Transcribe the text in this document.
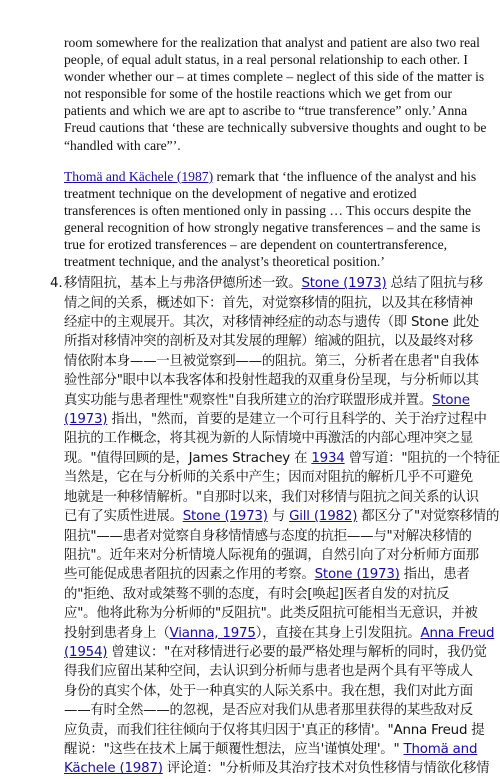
room somewhere for the realization that analyst and patient are also two real
people, of equal adult status, in a real personal relationship to each other. I
wonder whether our – at times complete – neglect of this side of the matter is
not responsible for some of the hostile reactions which we get from our
patients and which we are apt to ascribe to “true transference” only.’ Anna
Freud cautions that ‘these are technically subversive thoughts and ought to be
“handled with care”’.

Thomä and Kächele (1987) remark that ‘the influence of the analyst and his
treatment technique on the development of negative and erotized
transferences is often mentioned only in passing … This occurs despite the
general recognition of how strongly negative transferences – and the same is
true for erotized transferences – are dependent on countertransference,
treatment technique, and the analyst’s theoretical position.’

4. 移情阻抗，基本上与弗洛伊德所述一致。Stone (1973) 总结了阻抗与移
情之间的关系，概述如下：首先，对觉察移情的阻抗，以及其在移情神
经症中的主观展开。其次，对移情神经症的动态与遗传（即 Stone 此处
所指对移情冲突的剖析及对其发展的理解）缩减的阻抗，以及最终对移
情依附本身——一旦被觉察到——的阻抗。第三，分析者在患者"自我体
验性部分"眼中以本我客体和投射性超我的双重身份呈现，与分析师以其
真实功能与患者理性"观察性"自我所建立的治疗联盟形成并置。Stone
(1973) 指出，"然而，首要的是建立一个可行且科学的、关于治疗过程中
阻抗的工作概念，将其视为新的人际情境中再激活的内部心理冲突之显
现。"值得回顾的是，James Strachey 在 1934 曾写道："阻抗的一个特征
当然是，它在与分析师的关系中产生；因而对阻抗的解析几乎不可避免
地就是一种移情解析。"自那时以来，我们对移情与阻抗之间关系的认识
已有了实质性进展。Stone (1973) 与 Gill (1982) 都区分了"对觉察移情的
阻抗"——患者对觉察自身移情情感与态度的抗拒——与"对解决移情的
阻抗"。近年来对分析情境人际视角的强调，自然引向了对分析师方面那
些可能促成患者阻抗的因素之作用的考察。Stone (1973) 指出，患者
的"拒绝、敌对或桀骜不驯的态度，有时会[唤起]医者自发的对抗反
应"。他将此称为分析师的"反阻抗"。此类反阻抗可能相当无意识，并被
投射到患者身上（Vianna, 1975），直接在其身上引发阻抗。Anna Freud
(1954) 曾建议："在对移情进行必要的最严格处理与解析的同时，我仍觉
得我们应留出某种空间，去认识到分析师与患者也是两个具有平等成人
身份的真实个体，处于一种真实的人际关系中。我在想，我们对此方面
——有时全然——的忽视，是否应对我们从患者那里获得的某些敌对反
应负责，而我们往往倾向于仅将其归因于'真正的移情'。"Anna Freud 提
醒说："这些在技术上属于颠覆性想法，应当'谨慎处理'。" Thomä and
Kächele (1987) 评论道："分析师及其治疗技术对负性移情与情欲化移情
